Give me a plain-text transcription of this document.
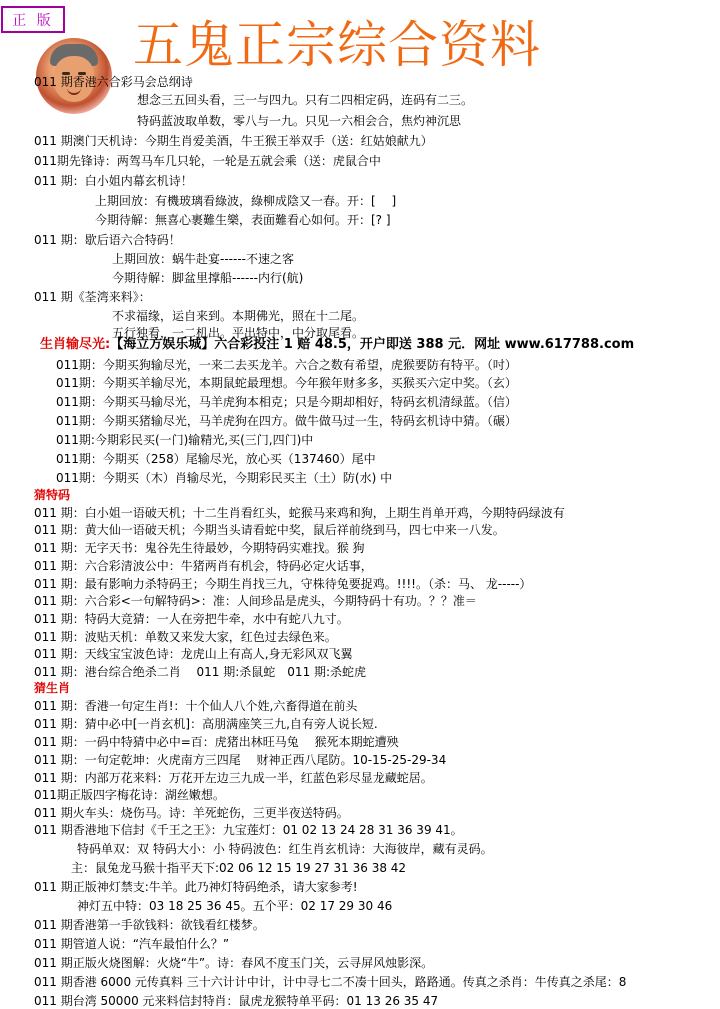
正 版 五鬼正宗综合资料
011 期香港六合彩马会总纲诗
想念三五回头看，三一与四九。只有二四相定码，连码有二三。
特码蓝波取单数，零八与一九。只见一六相会合，焦灼神沉思
011 期澳门天机诗：今期生肖爱美酒，牛王猴王举双手（送：红姑娘献九）
011期先锋诗：两驾马车几只轮，一轮是五就会乘（送：虎鼠合中
011 期：白小姐内幕玄机诗！
上期回放：有機玻璃看綠波，綠柳成陰又一春。开：[　 ]
今期待解：無喜心裹難生樂，表面難看心如何。开：[? ]
011 期：歇后语六合特码！
上期回放：蜗牛赴宴------不速之客
今期待解：脚盆里撑船------内行(航)
011 期《荃湾来料》：
不求福缘，运自来到。本期佛光，照在十二尾。
五行独看，一二机出。平出特中，中分取尾看。
生肖输尽光:【海立方娱乐城】六合彩投注 1 赔 48.5，开户即送 388 元．网址 www.617788.com
011期：今期买狗输尽光，一来二去买龙羊。六合之数有希望，虎猴要防有特平。（吋）
011期：今期买羊输尽光，本期鼠蛇最理想。今年猴年财多多，买猴买六定中奖。（玄）
011期：今期买马输尽光，马羊虎狗本相克；只是今期却相好，特码玄机清绿蓝。（信）
011期：今期买猪输尽光，马羊虎狗在四方。做牛做马过一生，特码玄机诗中猜。（碾）
011期:今期彩民买(一门)输精光,买(三门,四门)中
011期：今期买（258）尾输尽光，放心买（137460）尾中
011期：今期买（木）肖输尽光，今期彩民买主（土）防(水) 中
猜特码
011 期：白小姐一语破天机；十二生肖看红头，蛇猴马来鸡和狗，上期生肖单开鸡，今期特码绿波有
011 期：黄大仙一语破天机；今期当头请看蛇中奖，鼠后祥前绕到马，四七中来一八发。
011 期：无字天书：鬼谷先生待最妙，今期特码实难找。猴 狗
011 期：六合彩清波公中：牛猪两肖有机会，特码必定火话事，
011 期：最有影响力杀特码王；今期生肖找三九，守株待兔要捉鸡。!!!!。（杀：马、 龙-----）
011 期：六合彩<一句解特码>：准：人间珍品是虎头，今期特码十有功。？？准＝
011 期：特码大竞猜：一人在旁把牛牵，水中有蛇八九寸。
011 期：波贴天机：单数又来发大家，红色过去绿色来。
011 期：天线宝宝波色诗：龙虎山上有高人,身无彩风双飞翼
011 期：港台综合绝杀二肖　 011 期:杀鼠蛇　011 期:杀蛇虎
猜生肖
011 期：香港一句定生肖!：十个仙人八个姓,六畜得道在前头
011 期：猜中必中[一肖玄机]：高朋满座笑三九,自有旁人说长短.
011 期：一码中特猜中必中=百：虎猪出林旺马兔　 猴死本期蛇遭殃
011 期：一句定乾坤：火虎南方三四尾　 财神正西八尾防。10-15-25-29-34
011 期：内部万花来料：万花开左边三九成一半，红蓝色彩尽显龙藏蛇居。
011期正版四字梅花诗：湖丝嫩想。
011 期火车头：烧伤马。诗：羊死蛇伤，三更半夜送特码。
011 期香港地下信封《千王之王》：九宝莲灯：01 02 13 24 28 31 36 39 41。
特码单双：双 特码大小：小 特码波色：红生肖玄机诗：大海彼岸，藏有灵码。
主：鼠兔龙马猴十指平天下:02 06 12 15 19 27 31 36 38 42
011 期正版神灯禁支:牛羊。此乃神灯特码绝杀，请大家参考!
神灯五中特：03 18 25 36 45。五个平：02 17 29 30 46
011 期香港第一手欲钱料：欲钱看红楼梦。
011 期管道人说：“汽车最怕什么？”
011 期正版火烧图解：火烧“牛”。诗：春风不度玉门关，云寻屏风烛影深。
011 期香港 6000 元传真料 三十六计计中计，计中寻七二不凑十回头，路路通。传真之杀肖：牛传真之杀尾：8
011 期台湾 50000 元来料信封特肖：鼠虎龙猴特单平码：01 13 26 35 47
